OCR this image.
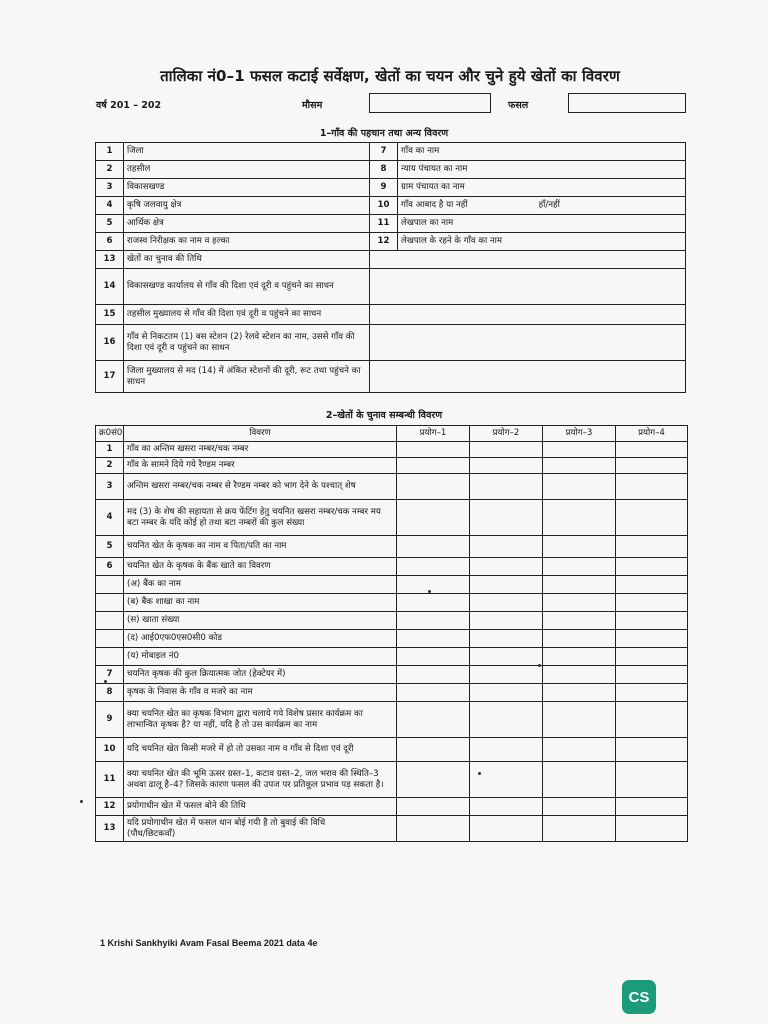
तालिका नं0–1 फसल कटाई सर्वेक्षण, खेतों का चयन और चुने हुये खेतों का विवरण
वर्ष 201 – 202	मौसम	फसल
1–गाँव की पहचान तथा अन्य विवरण
1	जिला	7	गाँव का नाम
2	तहसील	8	न्याय पंचायत का नाम
3	विकासखण्ड	9	ग्राम पंचायत का नाम
4	कृषि जलवायु क्षेत्र	10	गाँव आबाद है या नहीं                          हाँ/नहीं
5	आर्थिक क्षेत्र	11	लेखपाल का नाम
6	राजस्व निरीक्षक का नाम व हल्का	12	लेखपाल के रहने के गाँव का नाम
13	खेतों का चुनाव की तिथि		
14	विकासखण्ड कार्यालय से गाँव की दिशा एवं दूरी व पहुंचने का साधन		
15	तहसील मुख्यालय से गाँव की दिशा एवं दूरी व पहुंचने का साधन		
16	गाँव से निकटतम (1) बस स्टेशन (2) रेलवे स्टेशन का नाम, उससे गाँव की दिशा एवं दूरी व पहुंचने का साधन		
17	जिला मुख्यालय से मद (14) में अंकित स्टेशनों की दूरी, रूट तथा पहुंचने का साधन		
2–खेतों के चुनाव सम्बन्धी विवरण
क्र0सं0	विवरण	प्रयोग–1	प्रयोग–2	प्रयोग–3	प्रयोग–4
1	गाँव का अन्तिम खसरा नम्बर/चक नम्बर				
2	गाँव के सामने दिये गये रैण्डम नम्बर				
3	अन्तिम खसरा नम्बर/चक नम्बर से रैण्डम नम्बर को भाग देने के पश्चात् शेष				
4	मद (3) के शेष की सहायता से क्रय फेंटिंग हेतु चयनित खसरा नम्बर/चक नम्बर मय बटा नम्बर के यदि कोई हो तथा बटा नम्बरों की कुल संख्या				
5	चयनित खेत के कृषक का नाम व पिता/पति का नाम				
6	चयनित खेत के कृषक के बैंक खाते का विवरण				
	(अ) बैंक का नाम				
	(ब) बैंक शाखा का नाम				
	(स) खाता संख्या				
	(द) आई0एफ0एस0सी0 कोड				
	(य) मोबाइल नं0				
7	चयनित कृषक की कुल क्रियात्मक जोत (हेक्टेयर में)				
8	कृषक के निवास के गाँव व मजरे का नाम				
9	क्या चयनित खेत का कृषक विभाग द्वारा चलाये गये विशेष प्रसार कार्यक्रम का लाभान्वित कृषक है? या नहीं, यदि है तो उस कार्यक्रम का नाम				
10	यदि चयनित खेत किसी मजरे में हो तो उसका नाम व गाँव से दिशा एवं दूरी				
11	क्या चयनित खेत की भूमि ऊसर ग्रस्त–1, कटाव ग्रस्त–2, जल भराव की स्थिति–3 अथवा ढालू है–4? जिसके कारण फसल की उपज पर प्रतिकूल प्रभाव पड़ सकता है।				
12	प्रयोगाधीन खेत में फसल बोने की तिथि				
13	यदि प्रयोगाधीन खेत में फसल धान बोई गयी है तो बुवाई की विधि                      (पौध/छिटकवाँ)				
1 Krishi Sankhyiki Avam Fasal Beema 2021 data 4e
CS
